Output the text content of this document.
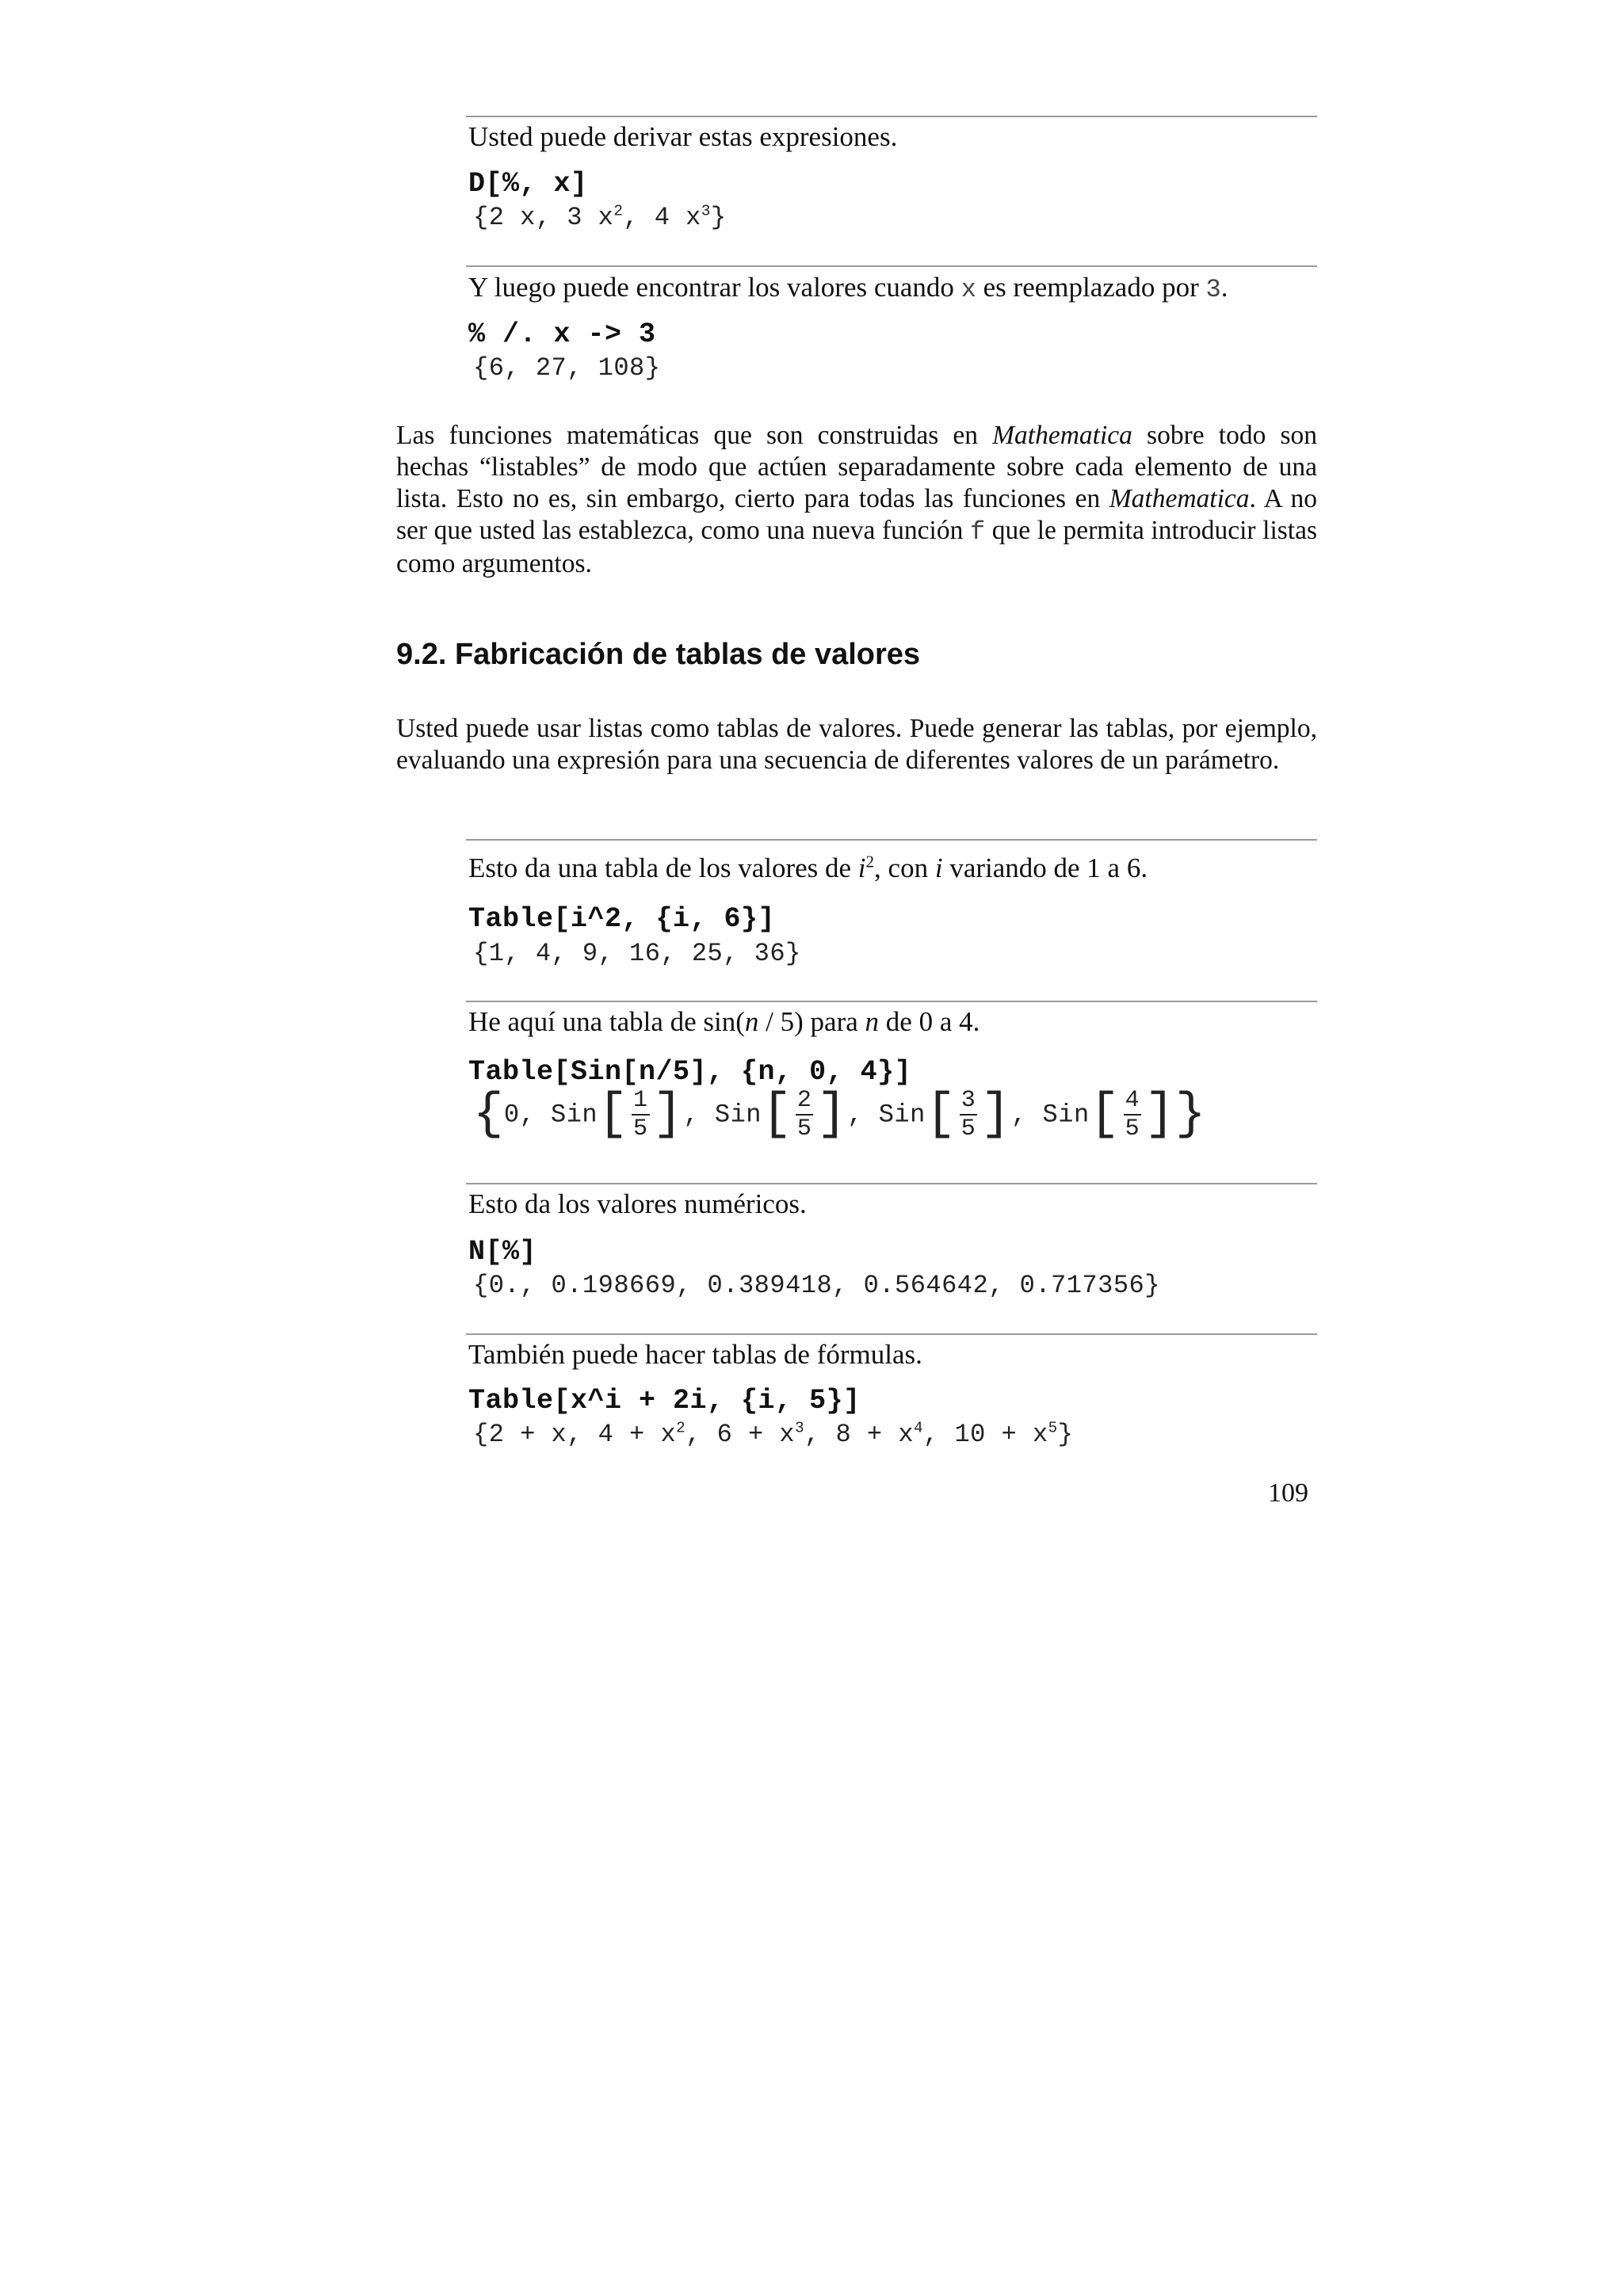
Usted puede derivar estas expresiones.
D[%, x]
{2 x, 3 $x^2$, 4 $x^3$}
Y luego puede encontrar los valores cuando x es reemplazado por 3.
% /. x -> 3
{6, 27, 108}

Las funciones matemáticas que son construidas en Mathematica sobre todo son hechas “listables” de modo que actúen separadamente sobre cada elemento de una lista. Esto no es, sin embargo, cierto para todas las funciones en Mathematica. A no ser que usted las establezca, como una nueva función f que le permita introducir listas como argumentos.

9.2. Fabricación de tablas de valores

Usted puede usar listas como tablas de valores. Puede generar las tablas, por ejemplo, evaluando una expresión para una secuencia de diferentes valores de un parámetro.

Esto da una tabla de los valores de $i^2$, con i variando de 1 a 6.
Table[i^2, {i, 6}]
{1, 4, 9, 16, 25, 36}
He aquí una tabla de sin(n / 5) para n de 0 a 4.
Table[Sin[n/5], {n, 0, 4}]
{0, $Sin[ \frac{1}{5}$ ], $Sin[ \frac{2}{5}$ ], $Sin[ \frac{3}{5}$ ], $Sin[ \frac{4}{5}$ ]}
Esto da los valores numéricos.
N[%]
{0., 0.198669, 0.389418, 0.564642, 0.717356}
También puede hacer tablas de fórmulas.
Table[x^i + 2i, {i, 5}]
{2 + x, $4 + x^2$, $6 + x^3$, $8 + x^4$, $10 + x^5$}
109
